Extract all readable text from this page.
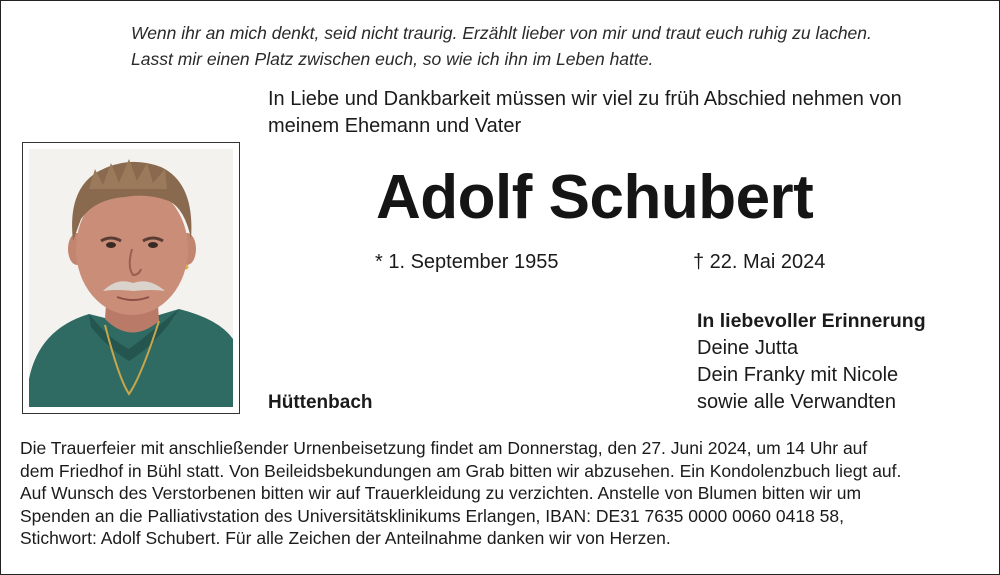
Wenn ihr an mich denkt, seid nicht traurig. Erzählt lieber von mir und traut euch ruhig zu lachen.
Lasst mir einen Platz zwischen euch, so wie ich ihn im Leben hatte.
In Liebe und Dankbarkeit müssen wir viel zu früh Abschied nehmen von
meinem Ehemann und Vater
Adolf Schubert
* 1. September 1955	† 22. Mai 2024
Hüttenbach
In liebevoller Erinnerung
Deine Jutta
Dein Franky mit Nicole
sowie alle Verwandten
Die Trauerfeier mit anschließender Urnenbeisetzung findet am Donnerstag, den 27. Juni 2024, um 14 Uhr auf
dem Friedhof in Bühl statt. Von Beileidsbekundungen am Grab bitten wir abzusehen. Ein Kondolenzbuch liegt auf.
Auf Wunsch des Verstorbenen bitten wir auf Trauerkleidung zu verzichten. Anstelle von Blumen bitten wir um
Spenden an die Palliativstation des Universitätsklinikums Erlangen, IBAN: DE31 7635 0000 0060 0418 58,
Stichwort: Adolf Schubert. Für alle Zeichen der Anteilnahme danken wir von Herzen.
